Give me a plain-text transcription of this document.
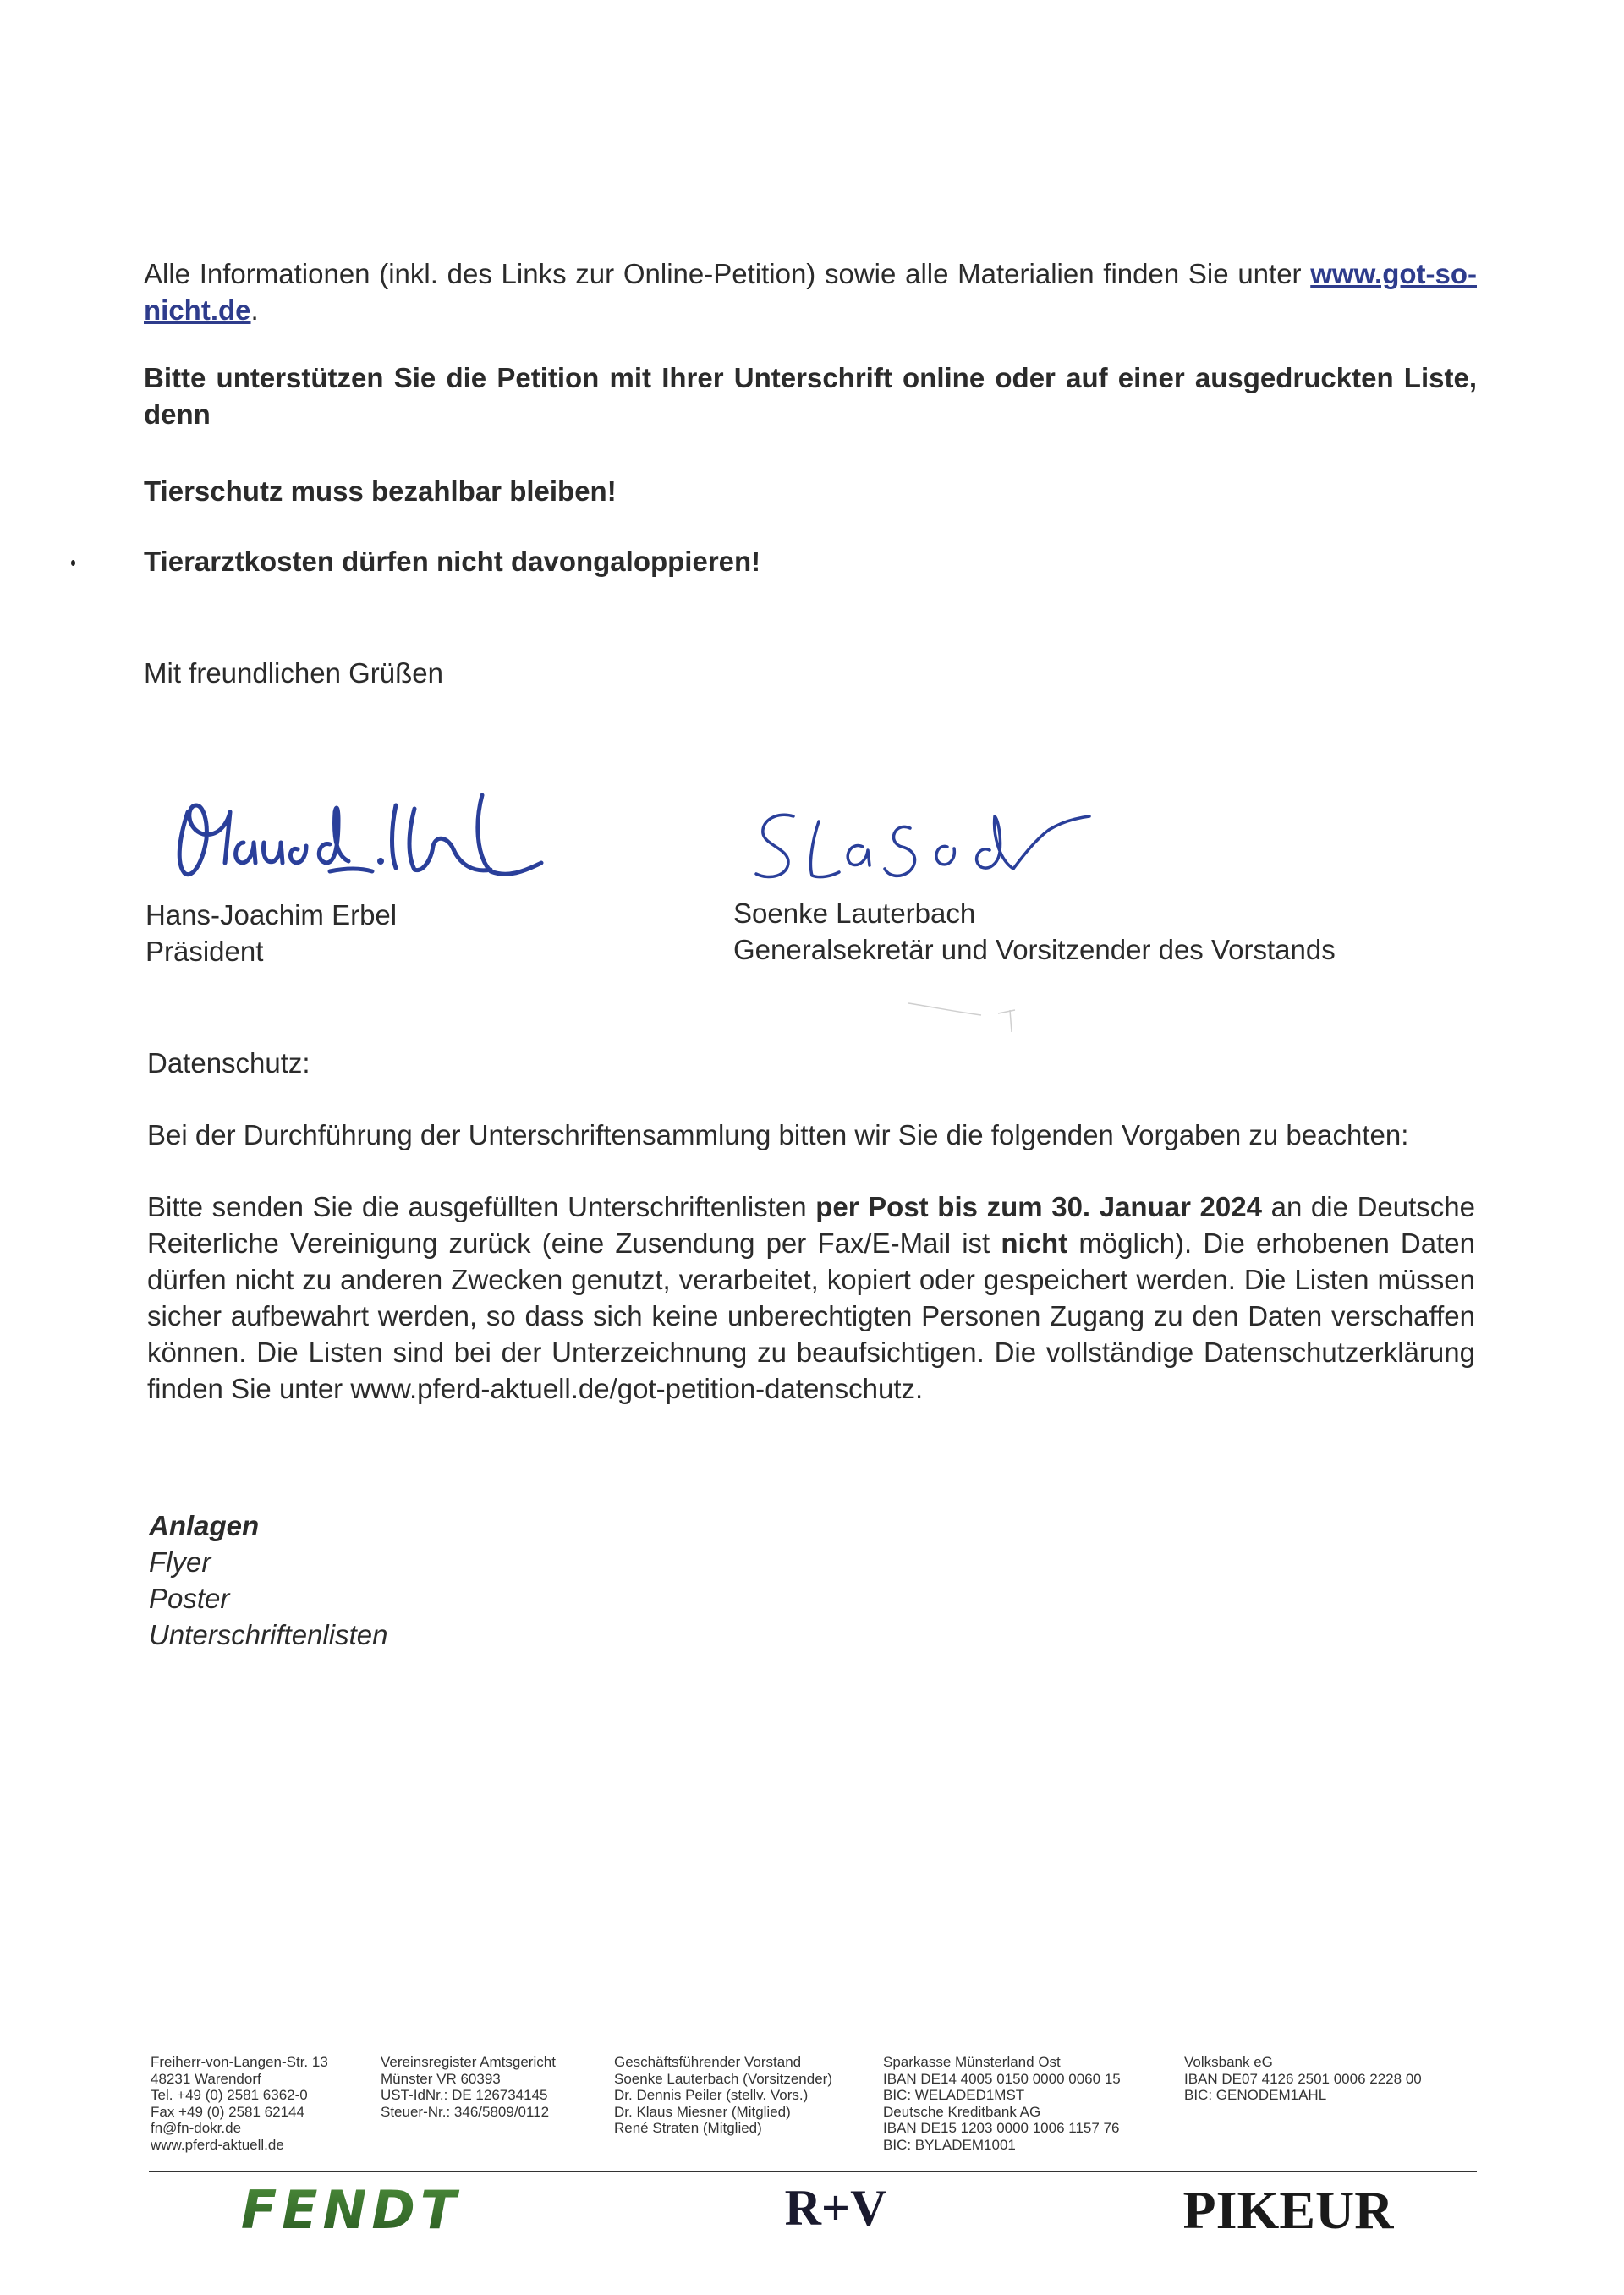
Alle Informationen (inkl. des Links zur Online-Petition) sowie alle Materialien finden Sie unter www.got-so-nicht.de.
Bitte unterstützen Sie die Petition mit Ihrer Unterschrift online oder auf einer ausgedruckten Liste, denn
Tierschutz muss bezahlbar bleiben!
Tierarztkosten dürfen nicht davongaloppieren!
Mit freundlichen Grüßen
Hans-Joachim Erbel
Präsident
Soenke Lauterbach
Generalsekretär und Vorsitzender des Vorstands
Datenschutz:
Bei der Durchführung der Unterschriftensammlung bitten wir Sie die folgenden Vorgaben zu beachten:
Bitte senden Sie die ausgefüllten Unterschriftenlisten per Post bis zum 30. Januar 2024 an die Deutsche Reiterliche Vereinigung zurück (eine Zusendung per Fax/E-Mail ist nicht möglich). Die erhobenen Daten dürfen nicht zu anderen Zwecken genutzt, verarbeitet, kopiert oder gespeichert werden. Die Listen müssen sicher aufbewahrt werden, so dass sich keine unberechtigten Personen Zugang zu den Daten verschaffen können. Die Listen sind bei der Unterzeichnung zu beaufsichtigen. Die vollständige Datenschutzerklärung finden Sie unter www.pferd-aktuell.de/got-petition-datenschutz.
Anlagen
Flyer
Poster
Unterschriftenlisten
Freiherr-von-Langen-Str. 13
48231 Warendorf
Tel. +49 (0) 2581 6362-0
Fax +49 (0) 2581 62144
fn@fn-dokr.de
www.pferd-aktuell.de
Vereinsregister Amtsgericht
Münster VR 60393
UST-IdNr.: DE 126734145
Steuer-Nr.: 346/5809/0112
Geschäftsführender Vorstand
Soenke Lauterbach (Vorsitzender)
Dr. Dennis Peiler (stellv. Vors.)
Dr. Klaus Miesner (Mitglied)
René Straten (Mitglied)
Sparkasse Münsterland Ost
IBAN DE14 4005 0150 0000 0060 15
BIC: WELADED1MST
Deutsche Kreditbank AG
IBAN DE15 1203 0000 1006 1157 76
BIC: BYLADEM1001
Volksbank eG
IBAN DE07 4126 2501 0006 2228 00
BIC: GENODEM1AHL
FENDT	R+V	PIKEUR
